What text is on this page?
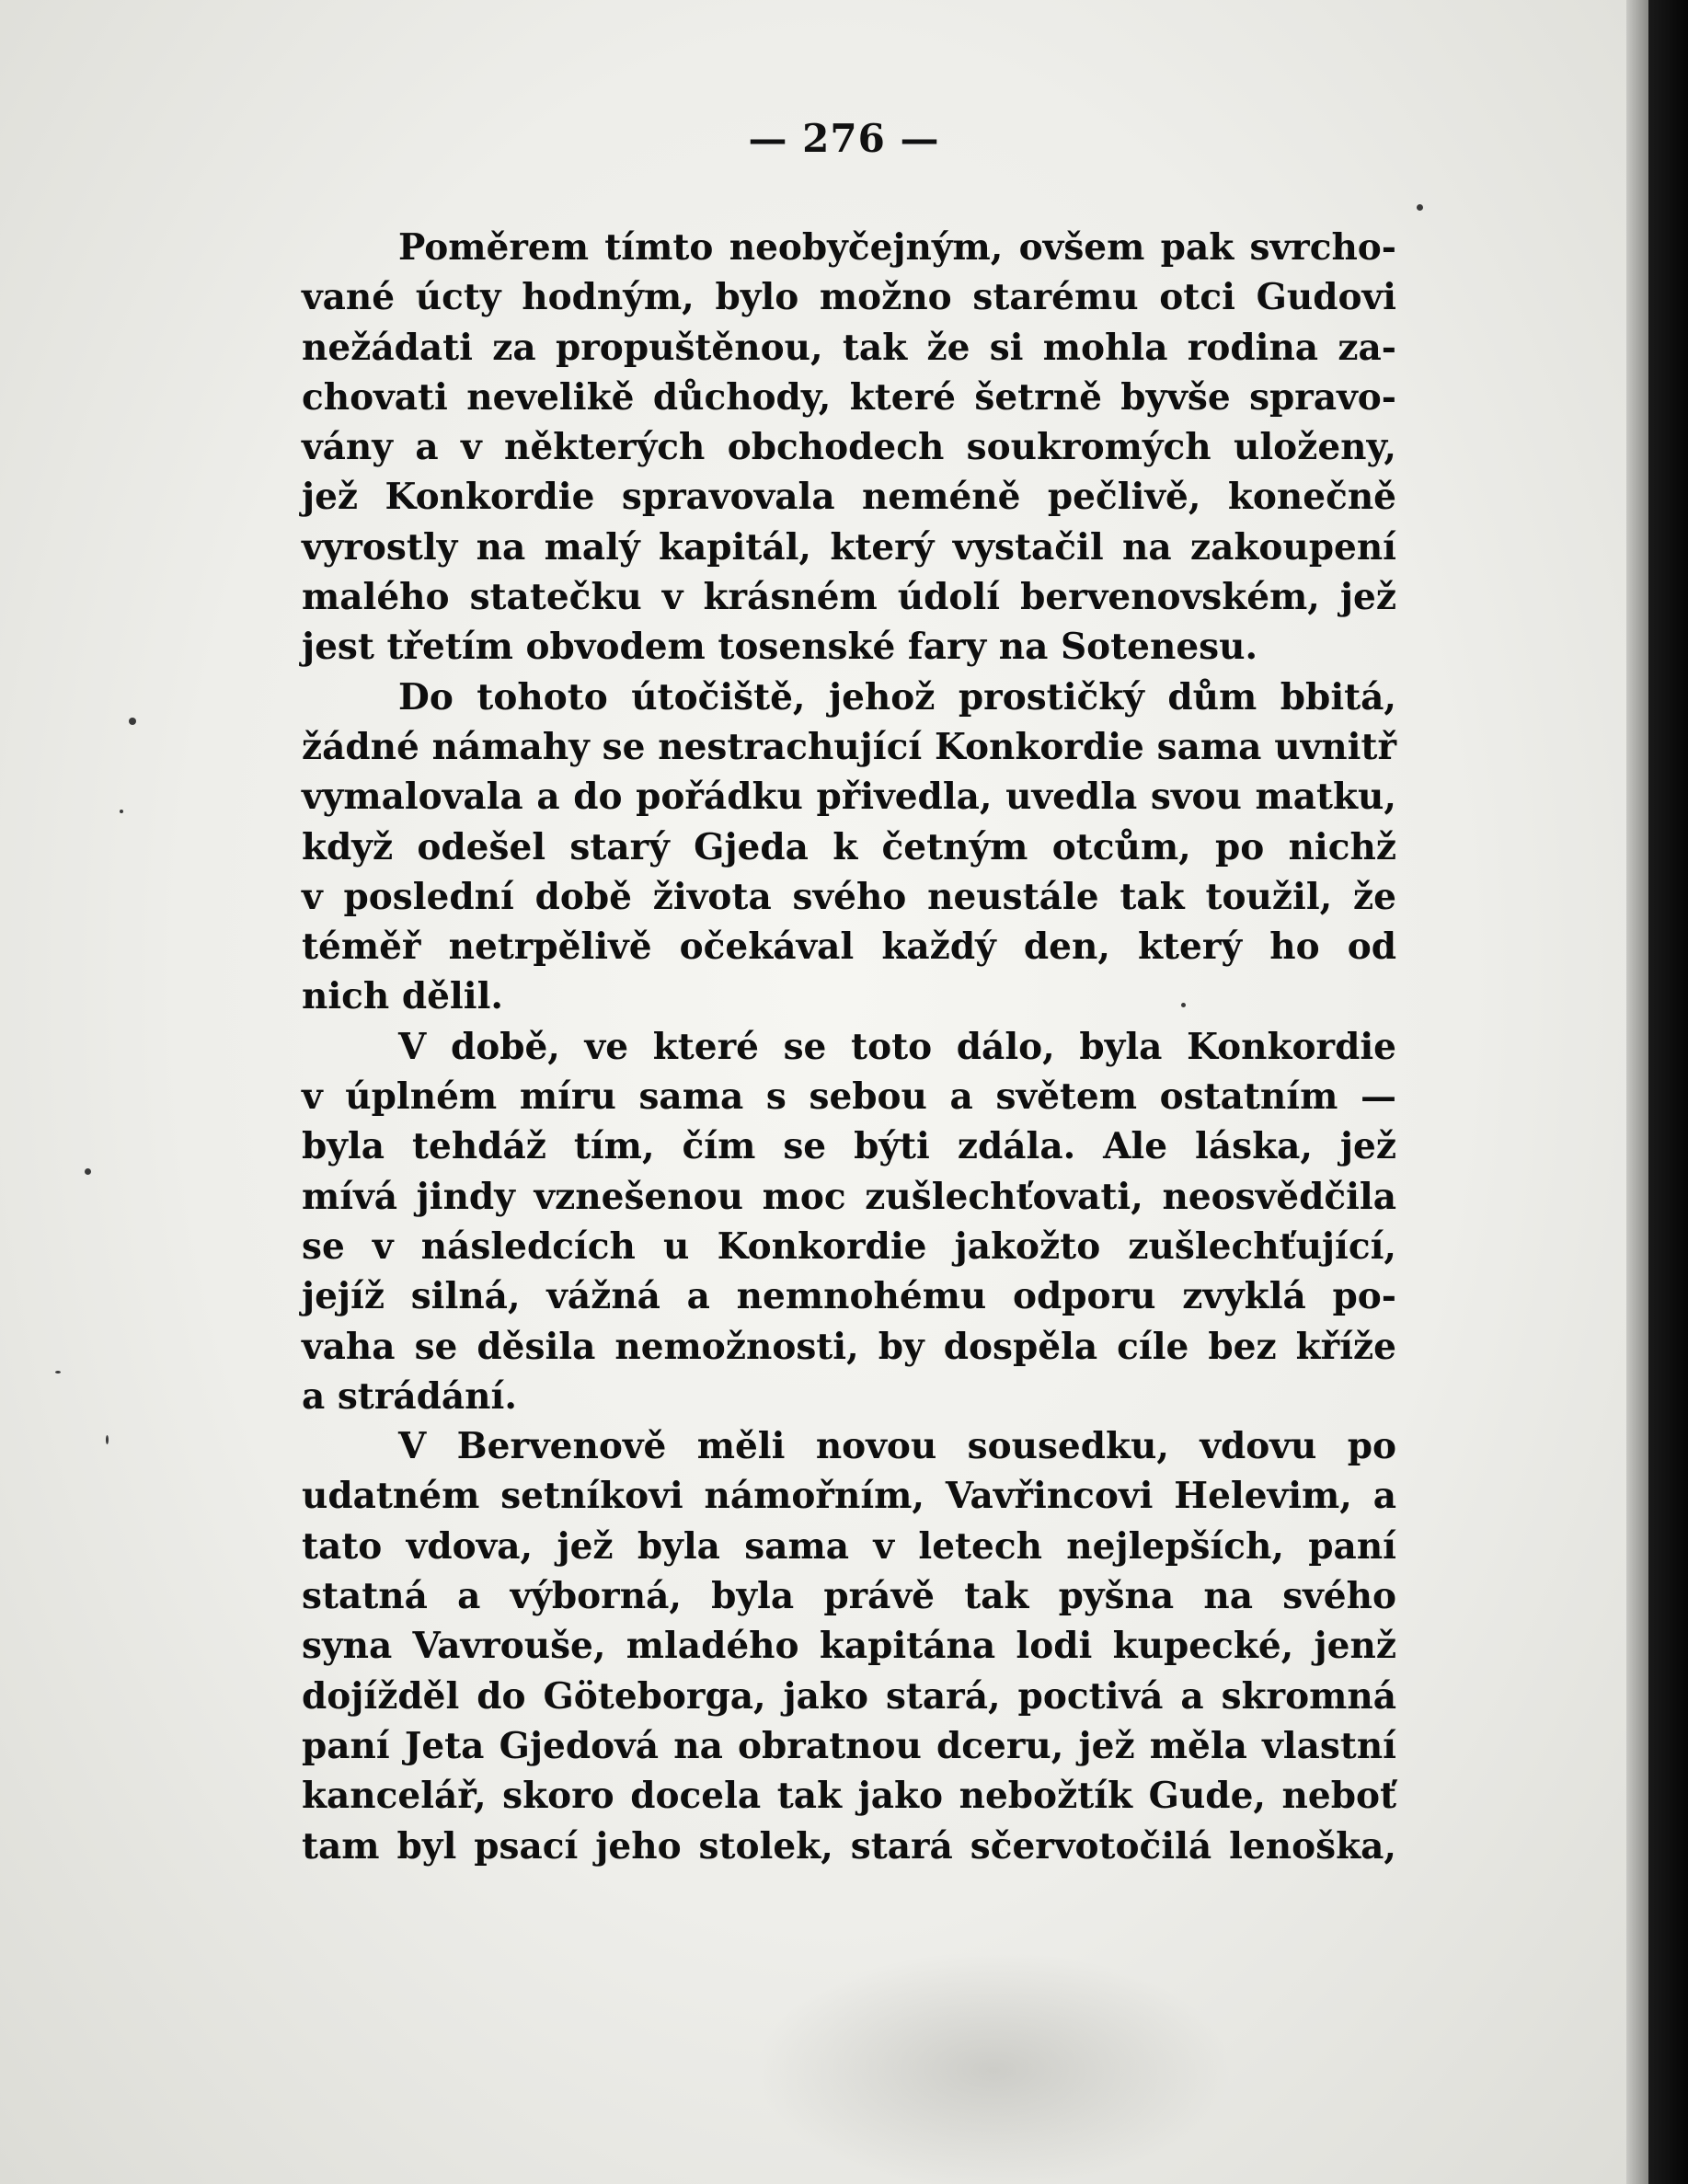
— 276 —
Poměrem tímto neobyčejným, ovšem pak svrcho-
vané úcty hodným, bylo možno starému otci Gudovi
nežádati za propuštěnou, tak že si mohla rodina za-
chovati nevelikě důchody, které šetrně byvše spravo-
vány a v některých obchodech soukromých uloženy,
jež Konkordie spravovala neméně pečlivě, konečně
vyrostly na malý kapitál, který vystačil na zakoupení
malého statečku v krásném údolí bervenovském, jež
jest třetím obvodem tosenské fary na Sotenesu.
Do tohoto útočiště, jehož prostičký dům bbitá,
žádné námahy se nestrachující Konkordie sama uvnitř
vymalovala a do pořádku přivedla, uvedla svou matku,
když odešel starý Gjeda k četným otcům, po nichž
v poslední době života svého neustále tak toužil, že
téměř netrpělivě očekával každý den, který ho od
nich dělil.
V době, ve které se toto dálo, byla Konkordie
v úplném míru sama s sebou a světem ostatním —
byla tehdáž tím, čím se býti zdála. Ale láska, jež
mívá jindy vznešenou moc zušlechťovati, neosvědčila
se v následcích u Konkordie jakožto zušlechťující,
jejíž silná, vážná a nemnohému odporu zvyklá po-
vaha se děsila nemožnosti, by dospěla cíle bez kříže
a strádání.
V Bervenově měli novou sousedku, vdovu po
udatném setníkovi námořním, Vavřincovi Helevim, a
tato vdova, jež byla sama v letech nejlepších, paní
statná a výborná, byla právě tak pyšna na svého
syna Vavrouše, mladého kapitána lodi kupecké, jenž
dojížděl do Göteborga, jako stará, poctivá a skromná
paní Jeta Gjedová na obratnou dceru, jež měla vlastní
kancelář, skoro docela tak jako nebožtík Gude, neboť
tam byl psací jeho stolek, stará sčervotočilá lenoška,
